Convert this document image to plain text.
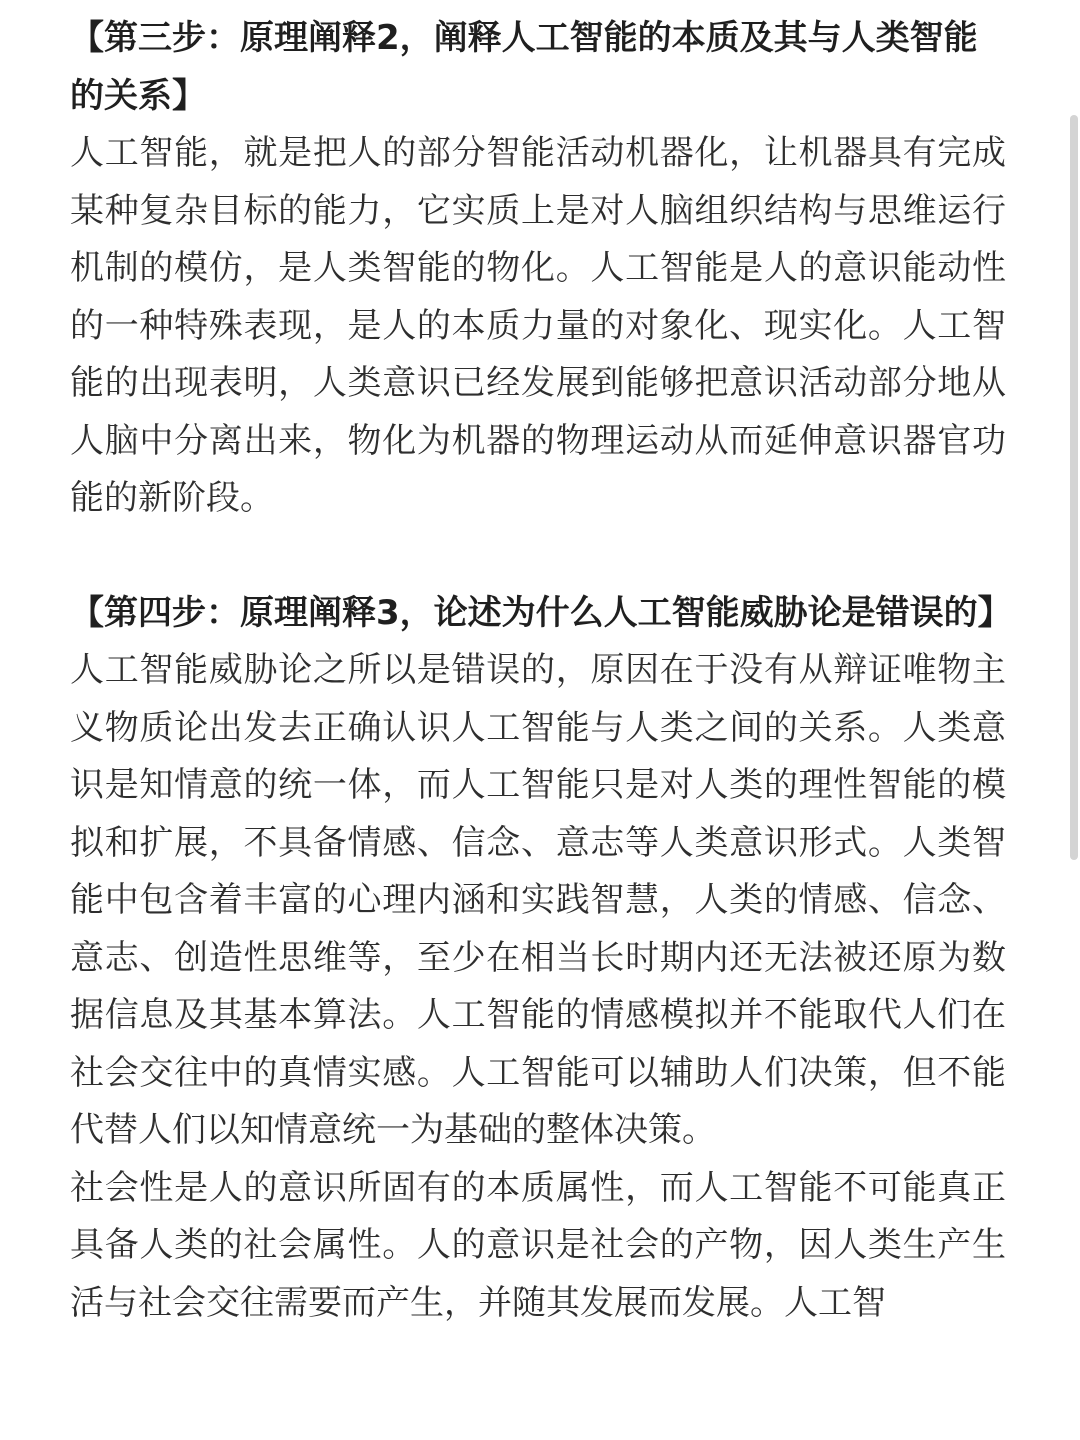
【第三步：原理阐释2，阐释人工智能的本质及其与人类智能的关系】

人工智能，就是把人的部分智能活动机器化，让机器具有完成某种复杂目标的能力，它实质上是对人脑组织结构与思维运行机制的模仿，是人类智能的物化。人工智能是人的意识能动性的一种特殊表现，是人的本质力量的对象化、现实化。人工智能的出现表明，人类意识已经发展到能够把意识活动部分地从人脑中分离出来，物化为机器的物理运动从而延伸意识器官功能的新阶段。

【第四步：原理阐释3，论述为什么人工智能威胁论是错误的】

人工智能威胁论之所以是错误的，原因在于没有从辩证唯物主义物质论出发去正确认识人工智能与人类之间的关系。人类意识是知情意的统一体，而人工智能只是对人类的理性智能的模拟和扩展，不具备情感、信念、意志等人类意识形式。人类智能中包含着丰富的心理内涵和实践智慧，人类的情感、信念、意志、创造性思维等，至少在相当长时期内还无法被还原为数据信息及其基本算法。人工智能的情感模拟并不能取代人们在社会交往中的真情实感。人工智能可以辅助人们决策，但不能代替人们以知情意统一为基础的整体决策。

社会性是人的意识所固有的本质属性，而人工智能不可能真正具备人类的社会属性。人的意识是社会的产物，因人类生产生活与社会交往需要而产生，并随其发展而发展。人工智
